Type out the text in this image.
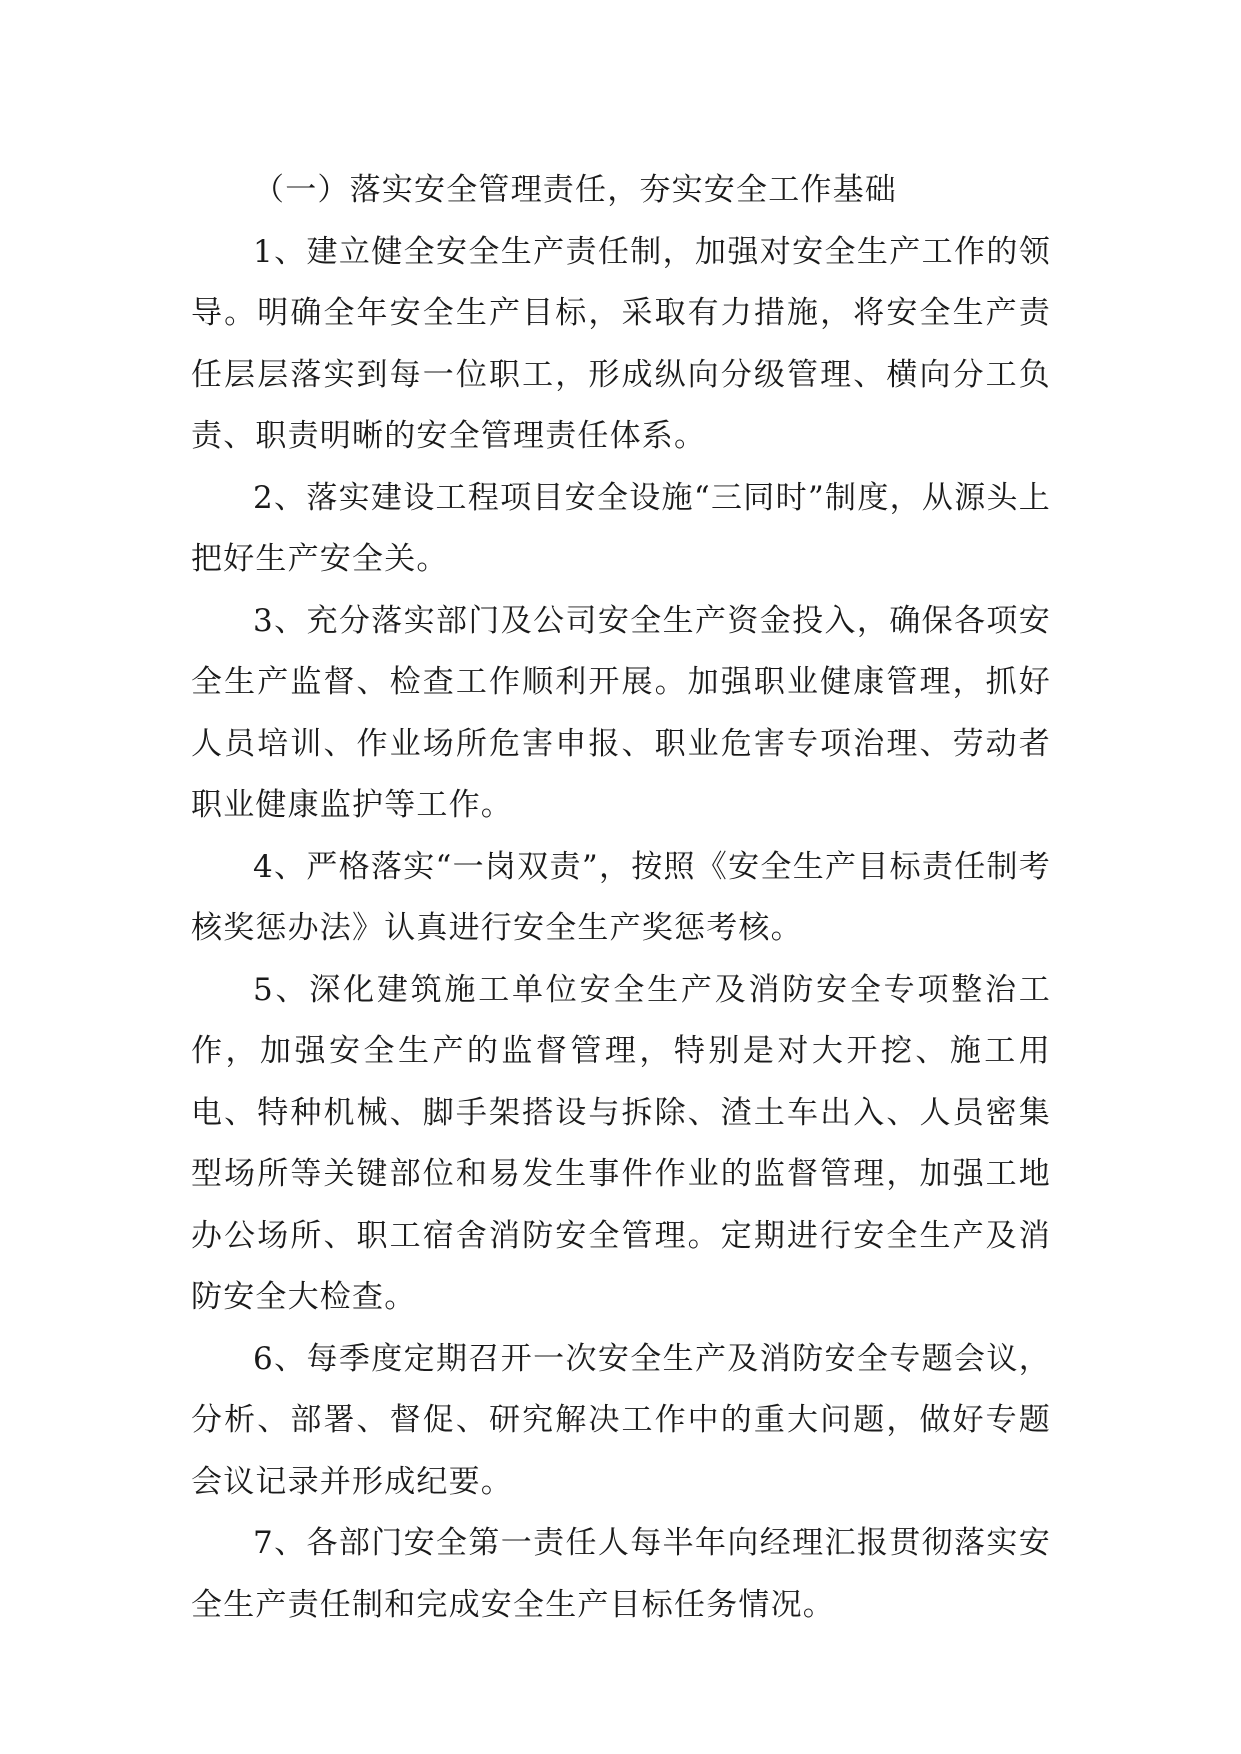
（一）落实安全管理责任，夯实安全工作基础

1、建立健全安全生产责任制，加强对安全生产工作的领导。明确全年安全生产目标，采取有力措施，将安全生产责任层层落实到每一位职工，形成纵向分级管理、横向分工负责、职责明晰的安全管理责任体系。

2、落实建设工程项目安全设施“三同时”制度，从源头上把好生产安全关。

3、充分落实部门及公司安全生产资金投入，确保各项安全生产监督、检查工作顺利开展。加强职业健康管理，抓好人员培训、作业场所危害申报、职业危害专项治理、劳动者职业健康监护等工作。

4、严格落实“一岗双责”，按照《安全生产目标责任制考核奖惩办法》认真进行安全生产奖惩考核。

5、深化建筑施工单位安全生产及消防安全专项整治工作，加强安全生产的监督管理，特别是对大开挖、施工用电、特种机械、脚手架搭设与拆除、渣土车出入、人员密集型场所等关键部位和易发生事件作业的监督管理，加强工地办公场所、职工宿舍消防安全管理。定期进行安全生产及消防安全大检查。

6、每季度定期召开一次安全生产及消防安全专题会议，分析、部署、督促、研究解决工作中的重大问题，做好专题会议记录并形成纪要。

7、各部门安全第一责任人每半年向经理汇报贯彻落实安全生产责任制和完成安全生产目标任务情况。
